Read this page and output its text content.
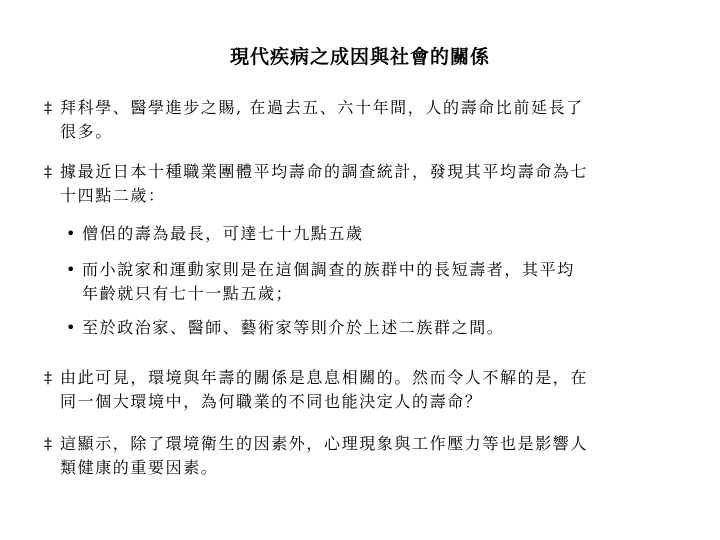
現代疾病之成因與社會的關係
‡ 拜科學、醫學進步之賜, 在過去五、六十年間，人的壽命比前延長了
很多。
‡ 據最近日本十種職業團體平均壽命的調查統計，發現其平均壽命為七
十四點二歲：
• 僧侶的壽為最長，可達七十九點五歲
• 而小說家和運動家則是在這個調查的族群中的長短壽者，其平均
年齡就只有七十一點五歲；
• 至於政治家、醫師、藝術家等則介於上述二族群之間。
‡ 由此可見，環境與年壽的關係是息息相關的。然而令人不解的是，在
同一個大環境中，為何職業的不同也能決定人的壽命？
‡ 這顯示，除了環境衛生的因素外，心理現象與工作壓力等也是影響人
類健康的重要因素。
